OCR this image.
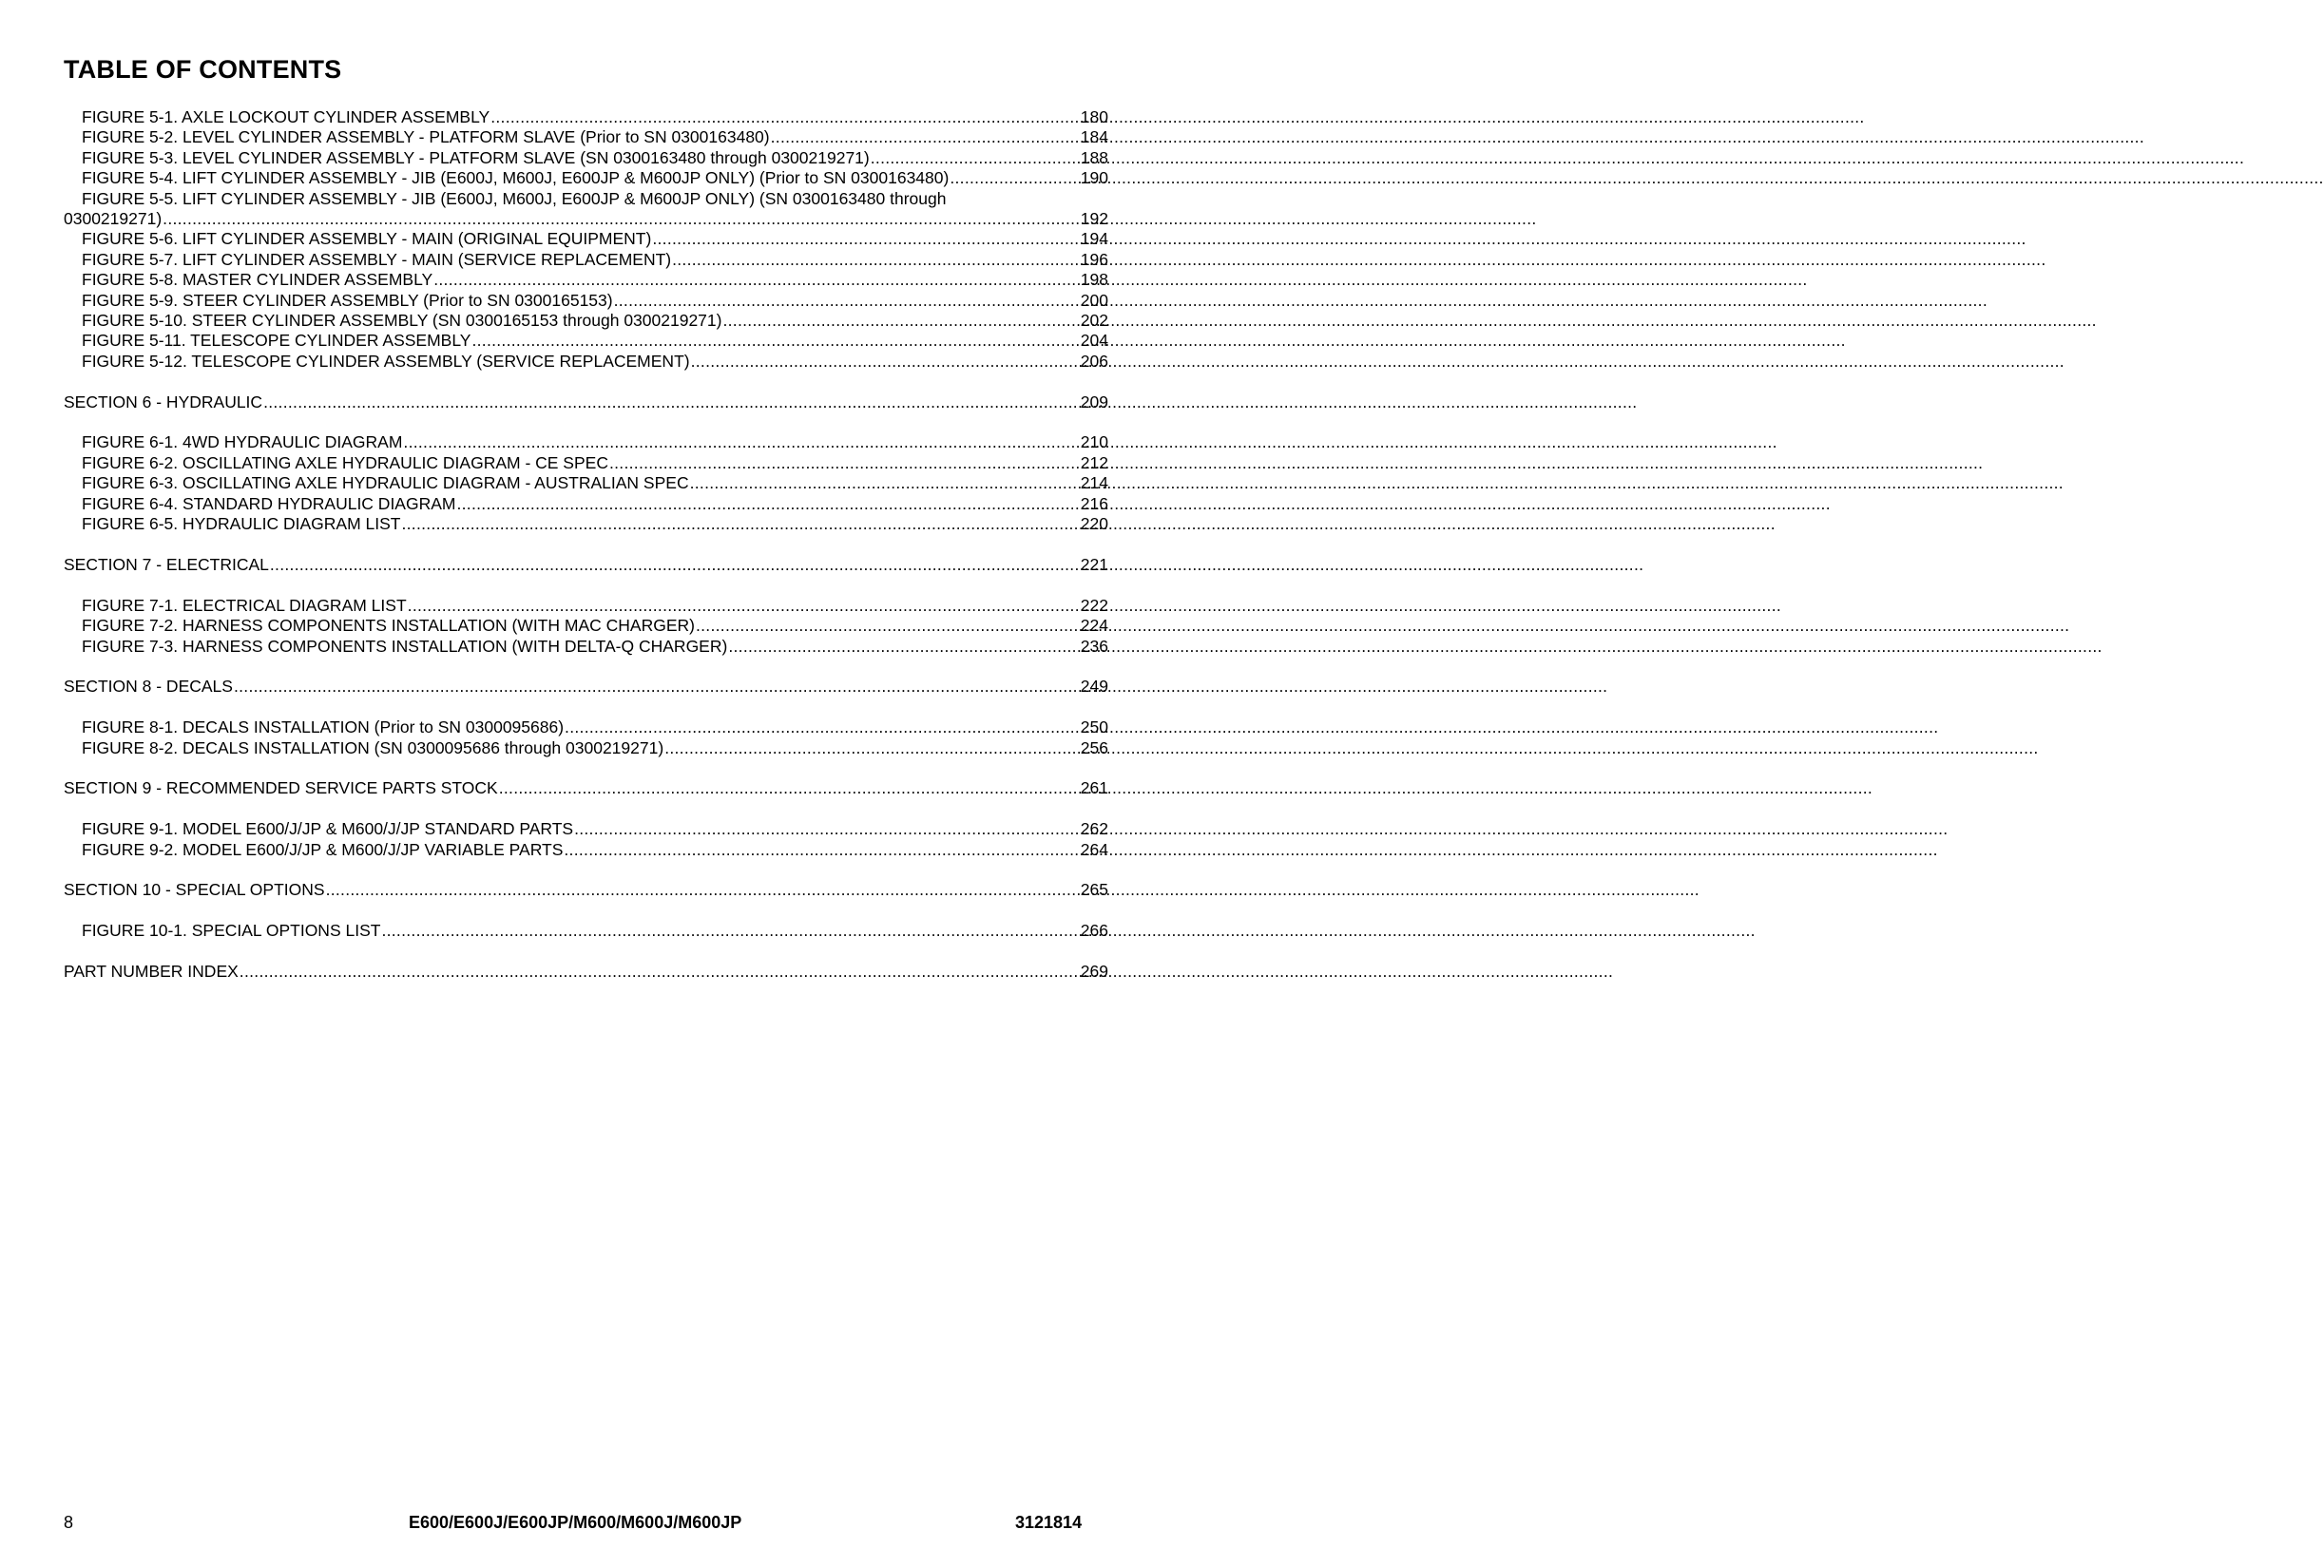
TABLE OF CONTENTS
FIGURE 5-1. AXLE LOCKOUT CYLINDER ASSEMBLY .....	180
FIGURE 5-2. LEVEL CYLINDER ASSEMBLY - PLATFORM SLAVE (Prior to SN 0300163480) .....	184
FIGURE 5-3. LEVEL CYLINDER ASSEMBLY - PLATFORM SLAVE (SN 0300163480 through 0300219271) .....	188
FIGURE 5-4. LIFT CYLINDER ASSEMBLY - JIB (E600J, M600J, E600JP & M600JP ONLY) (Prior to SN 0300163480) .....	190
FIGURE 5-5. LIFT CYLINDER ASSEMBLY - JIB (E600J, M600J, E600JP & M600JP ONLY) (SN 0300163480 through
0300219271) .....	192
FIGURE 5-6. LIFT CYLINDER ASSEMBLY - MAIN (ORIGINAL EQUIPMENT) .....	194
FIGURE 5-7. LIFT CYLINDER ASSEMBLY - MAIN (SERVICE REPLACEMENT) .....	196
FIGURE 5-8. MASTER CYLINDER ASSEMBLY .....	198
FIGURE 5-9. STEER CYLINDER ASSEMBLY (Prior to SN 0300165153) .....	200
FIGURE 5-10. STEER CYLINDER ASSEMBLY (SN 0300165153 through 0300219271) .....	202
FIGURE 5-11. TELESCOPE CYLINDER ASSEMBLY .....	204
FIGURE 5-12. TELESCOPE CYLINDER ASSEMBLY (SERVICE REPLACEMENT) .....	206
SECTION 6 - HYDRAULIC .....	209
FIGURE 6-1. 4WD HYDRAULIC DIAGRAM .....	210
FIGURE 6-2. OSCILLATING AXLE HYDRAULIC DIAGRAM - CE SPEC .....	212
FIGURE 6-3. OSCILLATING AXLE HYDRAULIC DIAGRAM - AUSTRALIAN SPEC .....	214
FIGURE 6-4. STANDARD HYDRAULIC DIAGRAM .....	216
FIGURE 6-5. HYDRAULIC DIAGRAM LIST .....	220
SECTION 7 - ELECTRICAL .....	221
FIGURE 7-1. ELECTRICAL DIAGRAM LIST .....	222
FIGURE 7-2. HARNESS COMPONENTS INSTALLATION (WITH MAC CHARGER) .....	224
FIGURE 7-3. HARNESS COMPONENTS INSTALLATION (WITH DELTA-Q CHARGER) .....	236
SECTION 8 - DECALS .....	249
FIGURE 8-1. DECALS INSTALLATION (Prior to SN 0300095686) .....	250
FIGURE 8-2. DECALS INSTALLATION (SN 0300095686 through 0300219271) .....	256
SECTION 9 - RECOMMENDED SERVICE PARTS STOCK .....	261
FIGURE 9-1. MODEL E600/J/JP & M600/J/JP STANDARD PARTS .....	262
FIGURE 9-2. MODEL E600/J/JP & M600/J/JP VARIABLE PARTS .....	264
SECTION 10 - SPECIAL OPTIONS .....	265
FIGURE 10-1. SPECIAL OPTIONS LIST .....	266
PART NUMBER INDEX .....	269
8	E600/E600J/E600JP/M600/M600J/M600JP	3121814
